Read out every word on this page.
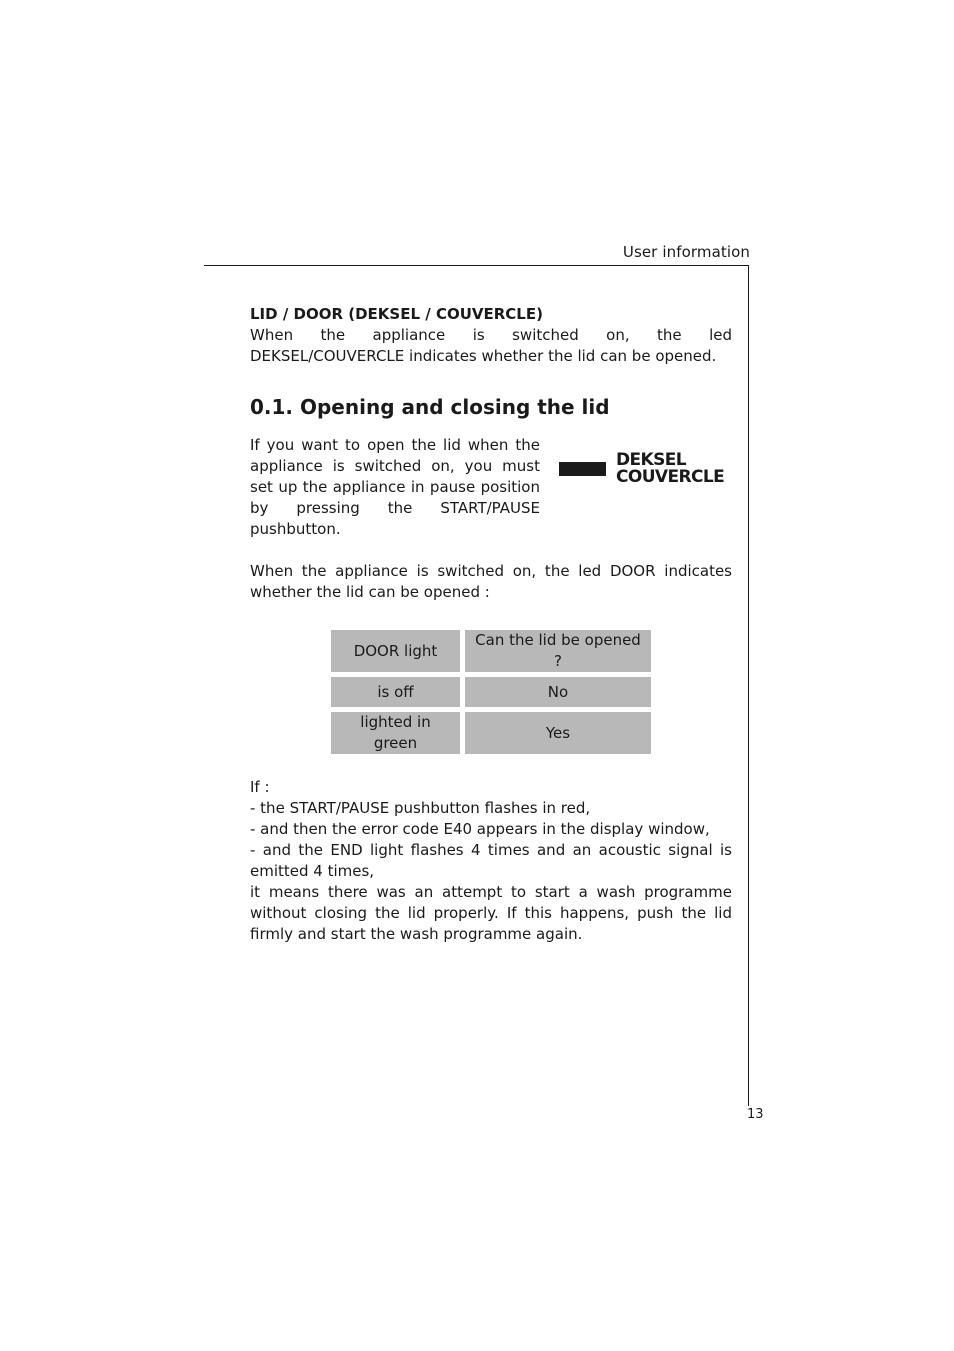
User information
13
LID / DOOR (DEKSEL / COUVERCLE)

When the appliance is switched on, the led DEKSEL/COUVERCLE indicates whether the lid can be opened.

0.1. Opening and closing the lid

If you want to open the lid when the appliance is switched on, you must set up the appliance in pause position by pressing the START/PAUSE pushbutton.

DEKSEL
COUVERCLE

When the appliance is switched on, the led DOOR indicates whether the lid can be opened :

DOOR light	Can the lid be opened ?
is off	No
lighted in green	Yes
If :
- the START/PAUSE pushbutton flashes in red,
- and then the error code E40 appears in the display window,
- and the END light flashes 4 times and an acoustic signal is emitted 4 times,
it means there was an attempt to start a wash programme without closing the lid properly. If this happens, push the lid firmly and start the wash programme again.
